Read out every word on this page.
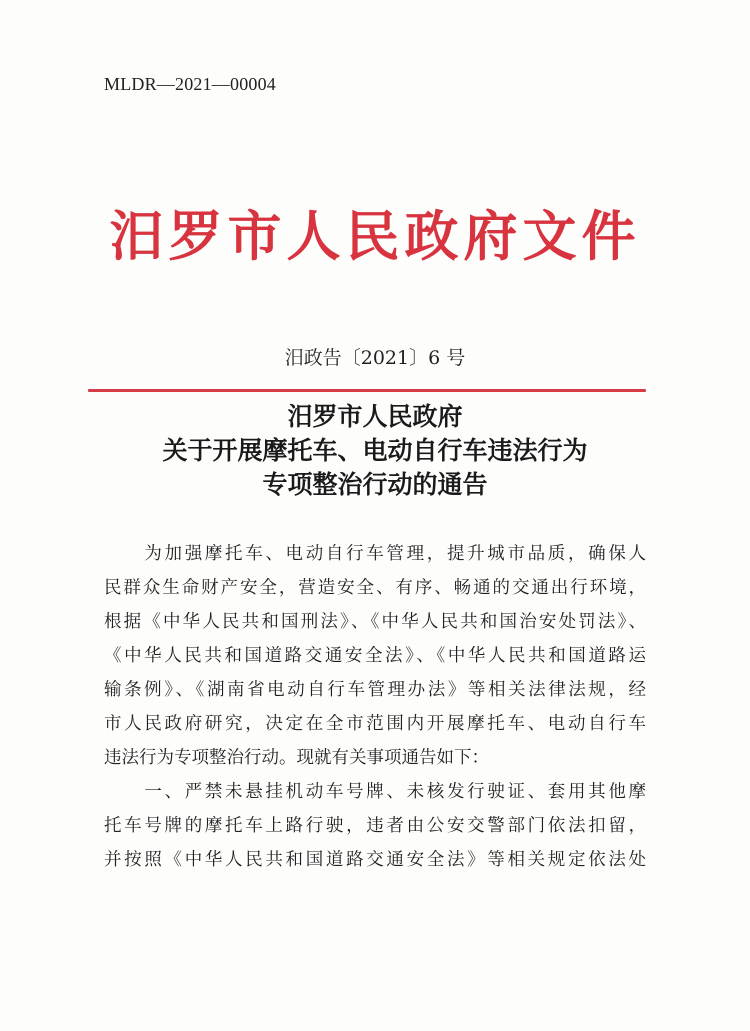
MLDR—2021—00004
汨罗市人民政府文件
汨政告〔2021〕6 号
汨罗市人民政府
关于开展摩托车、电动自行车违法行为
专项整治行动的通告

　　为加强摩托车、电动自行车管理，提升城市品质，确保人
民群众生命财产安全，营造安全、有序、畅通的交通出行环境，
根据《中华人民共和国刑法》、《中华人民共和国治安处罚法》、
《中华人民共和国道路交通安全法》、《中华人民共和国道路运
输条例》、《湖南省电动自行车管理办法》等相关法律法规，经
市人民政府研究，决定在全市范围内开展摩托车、电动自行车
违法行为专项整治行动。现就有关事项通告如下：

　　一、严禁未悬挂机动车号牌、未核发行驶证、套用其他摩
托车号牌的摩托车上路行驶，违者由公安交警部门依法扣留，
并按照《中华人民共和国道路交通安全法》等相关规定依法处
